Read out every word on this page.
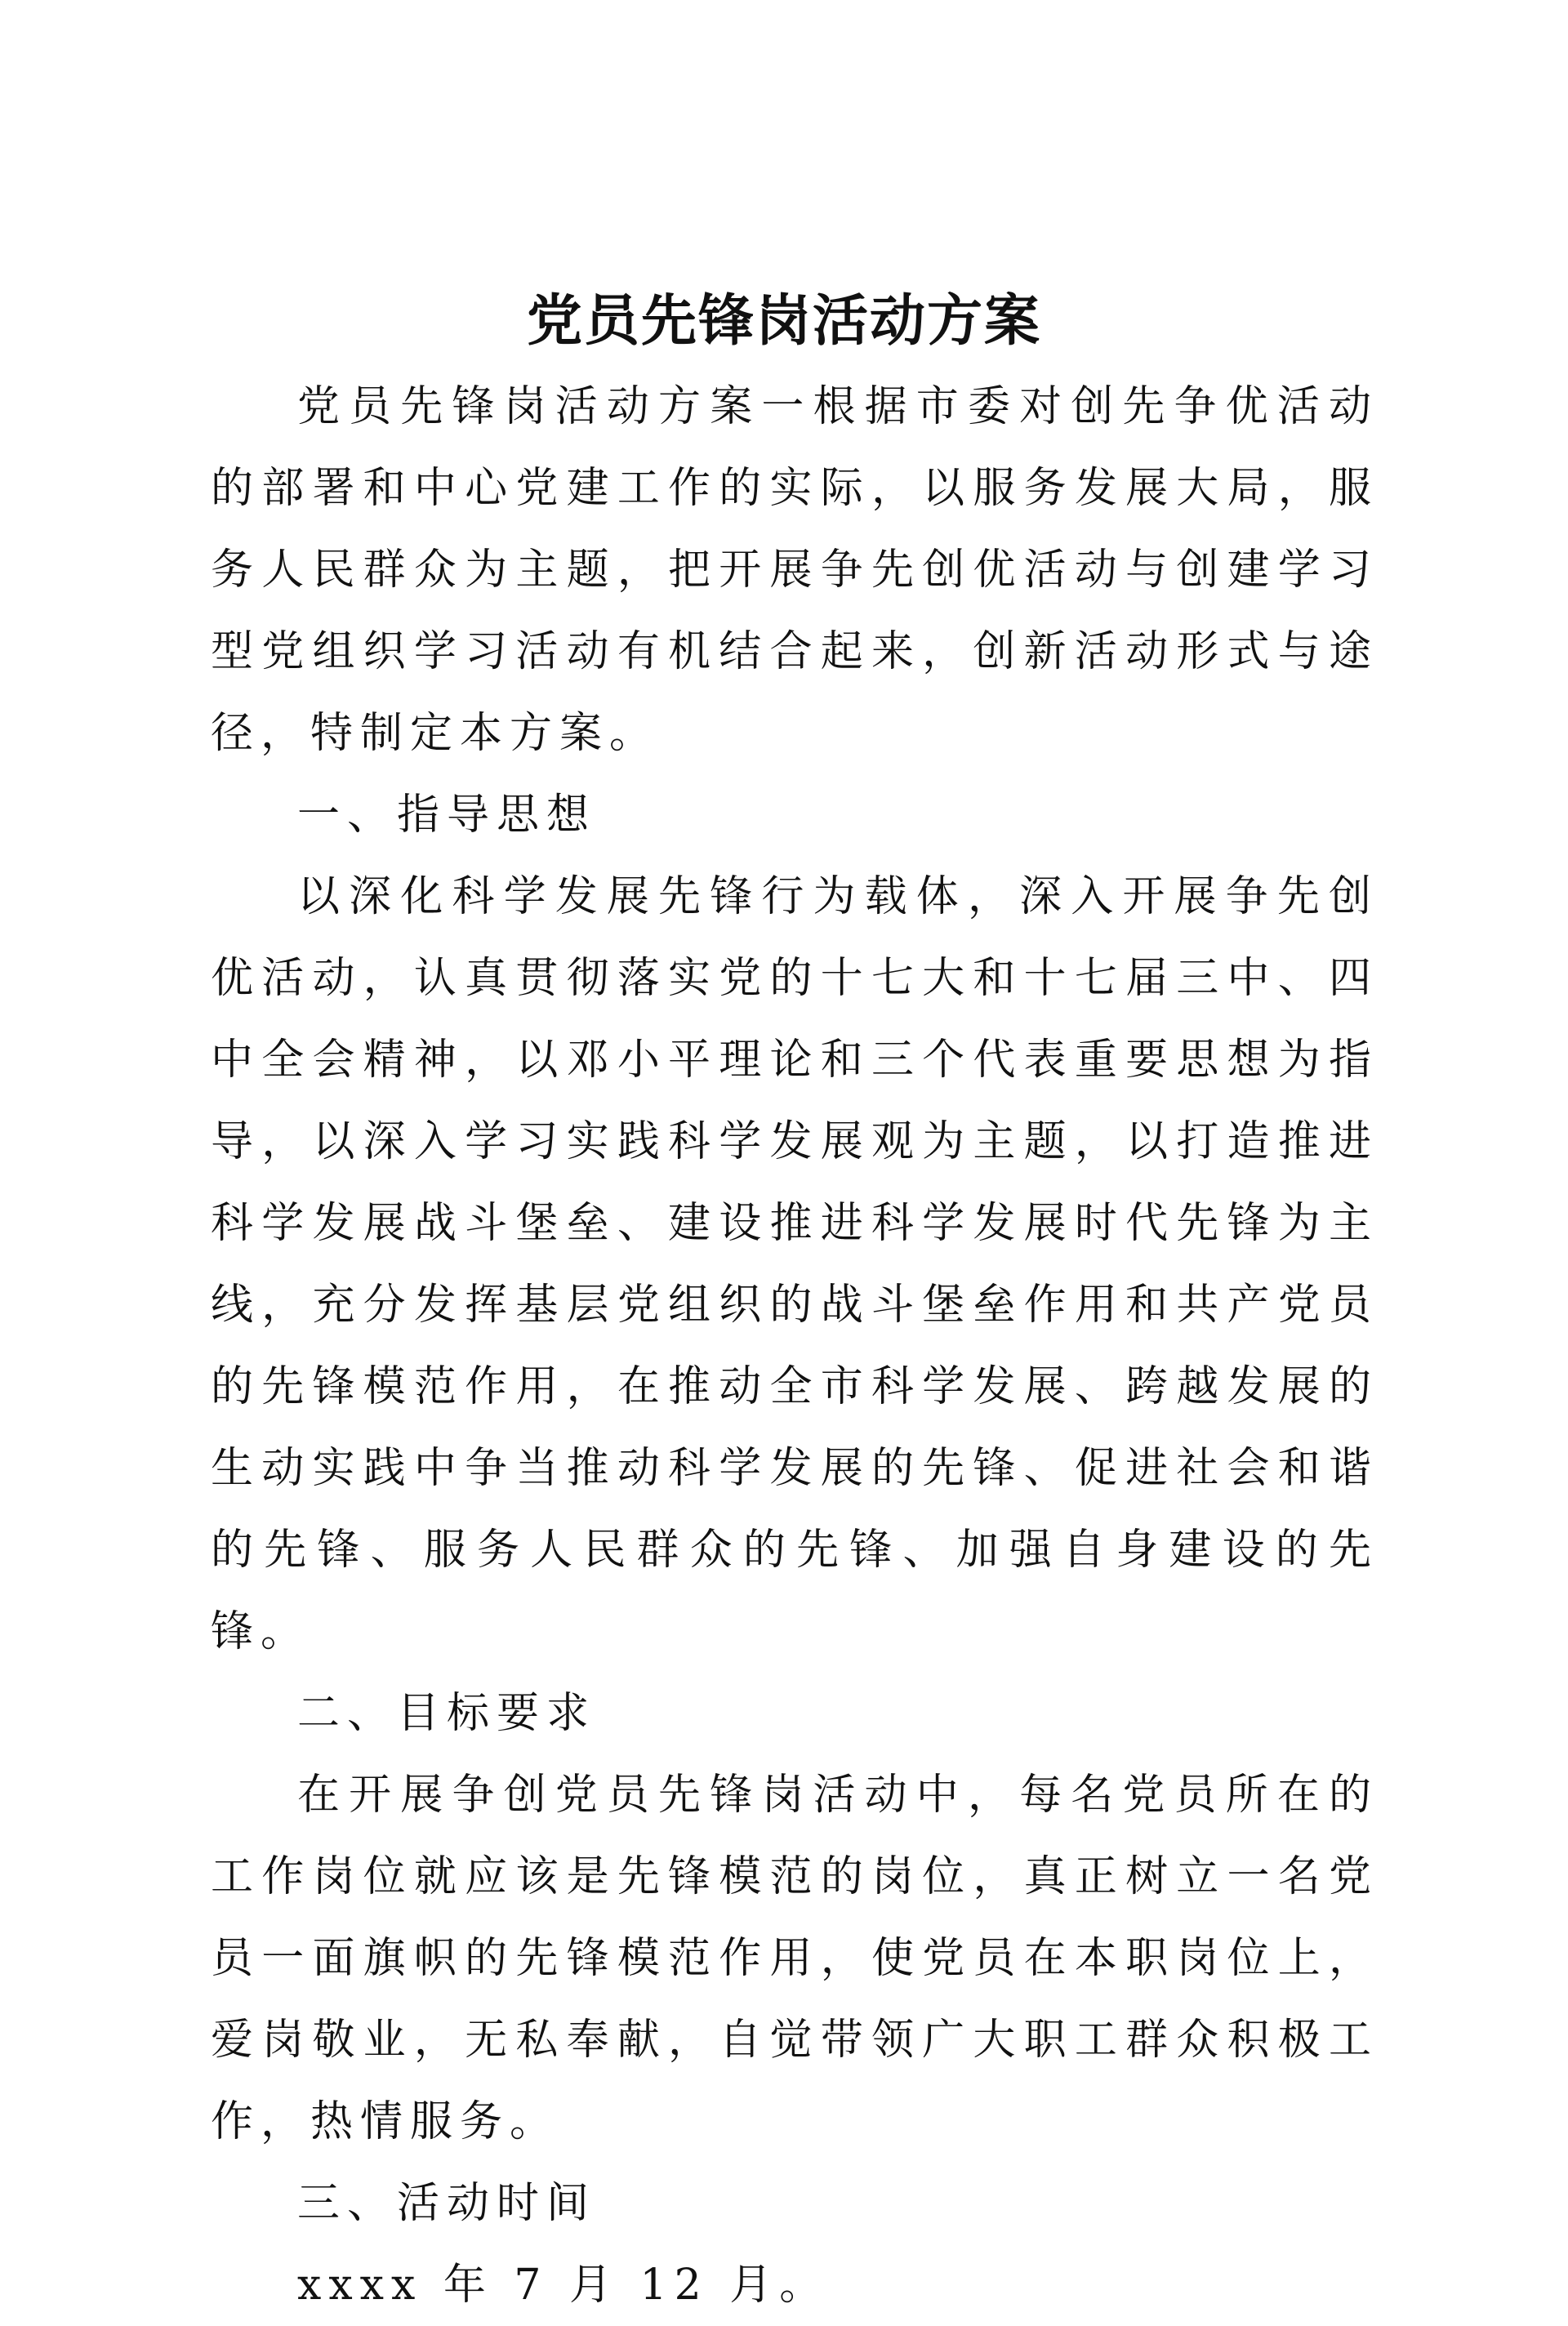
党员先锋岗活动方案

党员先锋岗活动方案一根据市委对创先争优活动的部署和中心党建工作的实际，以服务发展大局，服务人民群众为主题，把开展争先创优活动与创建学习型党组织学习活动有机结合起来，创新活动形式与途径，特制定本方案。

一、指导思想

以深化科学发展先锋行为载体，深入开展争先创优活动，认真贯彻落实党的十七大和十七届三中、四中全会精神，以邓小平理论和三个代表重要思想为指导，以深入学习实践科学发展观为主题，以打造推进科学发展战斗堡垒、建设推进科学发展时代先锋为主线，充分发挥基层党组织的战斗堡垒作用和共产党员的先锋模范作用，在推动全市科学发展、跨越发展的生动实践中争当推动科学发展的先锋、促进社会和谐的先锋、服务人民群众的先锋、加强自身建设的先锋。

二、目标要求

在开展争创党员先锋岗活动中，每名党员所在的工作岗位就应该是先锋模范的岗位，真正树立一名党员一面旗帜的先锋模范作用，使党员在本职岗位上，爱岗敬业，无私奉献，自觉带领广大职工群众积极工作，热情服务。

三、活动时间

xxxx 年 7 月 12 月。
